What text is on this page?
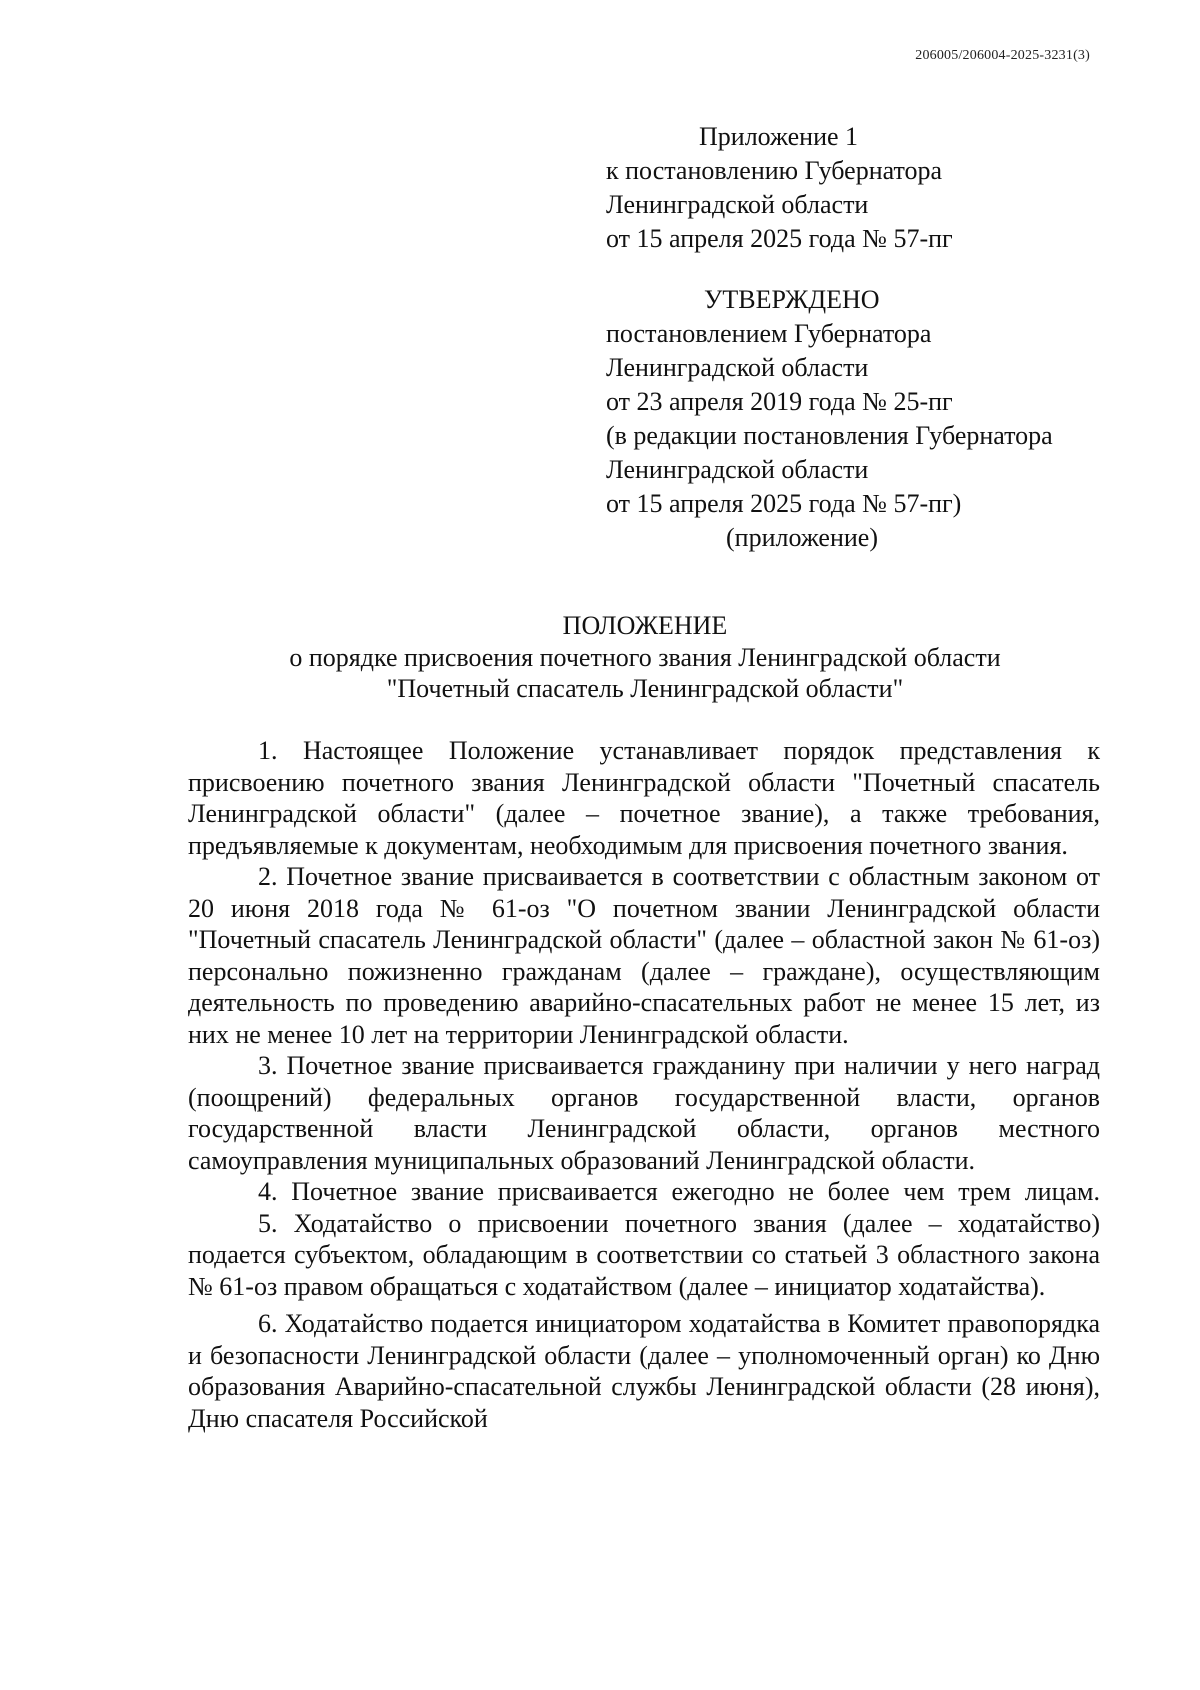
206005/206004-2025-3231(3)
Приложение 1
к постановлению Губернатора
Ленинградской области
от 15 апреля 2025 года № 57-пг
УТВЕРЖДЕНО
постановлением Губернатора
Ленинградской области
от 23 апреля 2019 года № 25-пг
(в редакции постановления Губернатора
Ленинградской области
от 15 апреля 2025 года № 57-пг)
(приложение)
ПОЛОЖЕНИЕ
о порядке присвоения почетного звания Ленинградской области
"Почетный спасатель Ленинградской области"

1. Настоящее Положение устанавливает порядок представления к присвоению почетного звания Ленинградской области "Почетный спасатель Ленинградской области" (далее – почетное звание), а также требования, предъявляемые к документам, необходимым для присвоения почетного звания.

2. Почетное звание присваивается в соответствии с областным законом от 20 июня 2018 года № 61-оз "О почетном звании Ленинградской области "Почетный спасатель Ленинградской области" (далее – областной закон № 61-оз) персонально пожизненно гражданам (далее – граждане), осуществляющим деятельность по проведению аварийно-спасательных работ не менее 15 лет, из них не менее 10 лет на территории Ленинградской области.

3. Почетное звание присваивается гражданину при наличии у него наград (поощрений) федеральных органов государственной власти, органов государственной власти Ленинградской области, органов местного самоуправления муниципальных образований Ленинградской области.

4. Почетное звание присваивается ежегодно не более чем трем лицам.

5. Ходатайство о присвоении почетного звания (далее – ходатайство) подается субъектом, обладающим в соответствии со статьей 3 областного закона № 61-оз правом обращаться с ходатайством (далее – инициатор ходатайства).

6. Ходатайство подается инициатором ходатайства в Комитет правопорядка и безопасности Ленинградской области (далее – уполномоченный орган) ко Дню образования Аварийно-спасательной службы Ленинградской области (28 июня), Дню спасателя Российской
